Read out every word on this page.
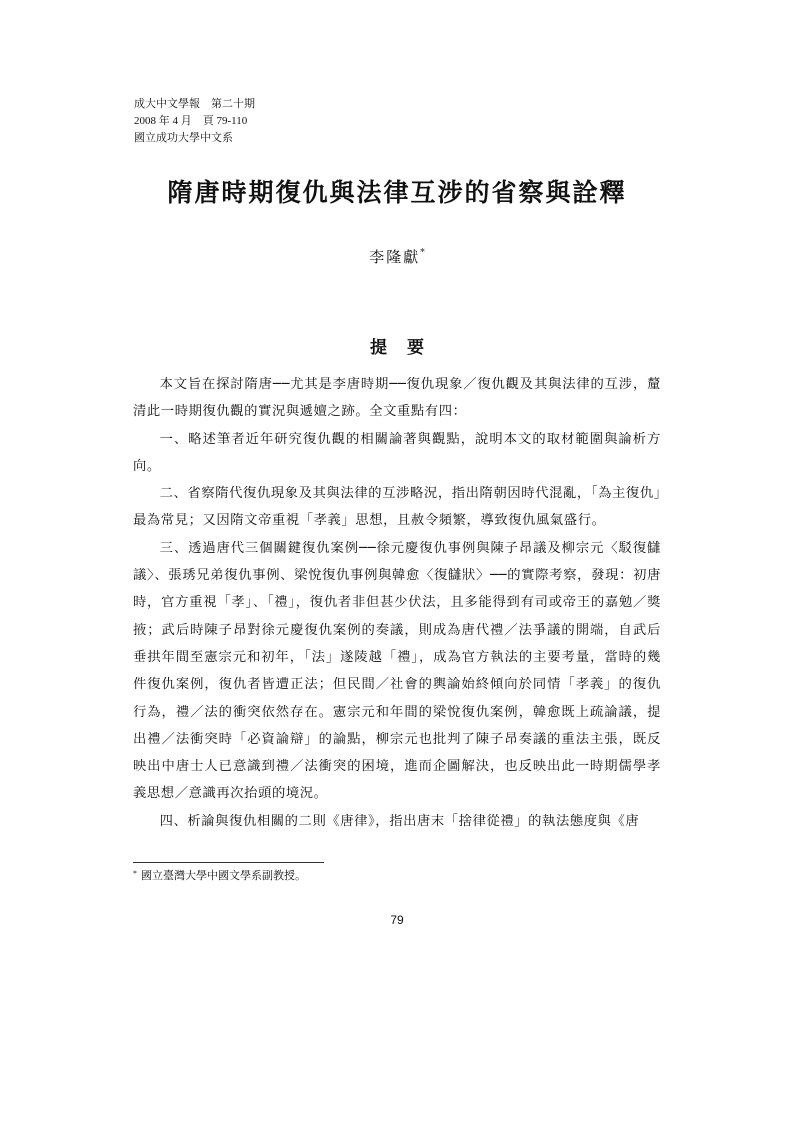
成大中文學報　第二十期
2008 年 4 月　頁 79-110
國立成功大學中文系
隋唐時期復仇與法律互涉的省察與詮釋
李隆獻*
提 要

本文旨在探討隋唐──尤其是李唐時期──復仇現象／復仇觀及其與法律的互涉，釐清此一時期復仇觀的實況與遞嬗之跡。全文重點有四：

一、略述筆者近年研究復仇觀的相關論著與觀點，說明本文的取材範圍與論析方向。

二、省察隋代復仇現象及其與法律的互涉略況，指出隋朝因時代混亂，「為主復仇」最為常見；又因隋文帝重視「孝義」思想，且赦令頻繁，導致復仇風氣盛行。

三、透過唐代三個關鍵復仇案例──徐元慶復仇事例與陳子昂議及柳宗元〈駁復讎議〉、張琇兄弟復仇事例、梁悅復仇事例與韓愈〈復讎狀〉──的實際考察，發現：初唐時，官方重視「孝」、「禮」，復仇者非但甚少伏法，且多能得到有司或帝王的嘉勉／獎掖；武后時陳子昂對徐元慶復仇案例的奏議，則成為唐代禮／法爭議的開端，自武后垂拱年間至憲宗元和初年，「法」遂陵越「禮」，成為官方執法的主要考量，當時的幾件復仇案例，復仇者皆遭正法；但民間／社會的輿論始終傾向於同情「孝義」的復仇行為，禮／法的衝突依然存在。憲宗元和年間的梁悅復仇案例，韓愈既上疏論議，提出禮／法衝突時「必資論辯」的論點，柳宗元也批判了陳子昂奏議的重法主張，既反映出中唐士人已意識到禮／法衝突的困境，進而企圖解決，也反映出此一時期儒學孝義思想／意識再次抬頭的境況。

四、析論與復仇相關的二則《唐律》，指出唐末「捨律從禮」的執法態度與《唐

* 國立臺灣大學中國文學系副教授。
79
